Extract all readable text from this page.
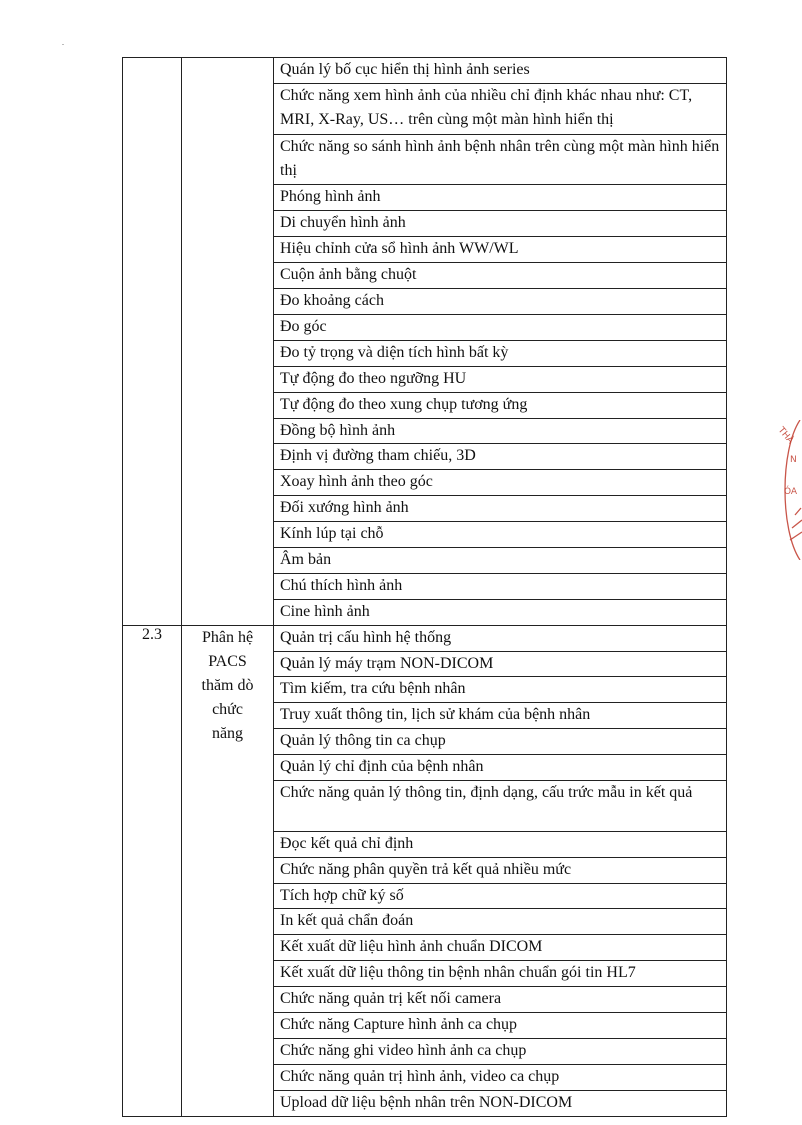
		Quán lý bố cục hiển thị hình ảnh series

		Chức năng xem hình ảnh của nhiều chỉ định khác nhau như: CT, MRI, X-Ray, US… trên cùng một màn hình hiển thị

		Chức năng so sánh hình ảnh bệnh nhân trên cùng một màn hình hiển thị

		Phóng hình ảnh

		Di chuyển hình ảnh

		Hiệu chỉnh cửa sổ hình ảnh WW/WL

		Cuộn ảnh bằng chuột

		Đo khoảng cách

		Đo góc

		Đo tỷ trọng và diện tích hình bất kỳ

		Tự động đo theo ngưỡng HU

		Tự động đo theo xung chụp tương ứng

		Đồng bộ hình ảnh

		Định vị đường tham chiếu, 3D

		Xoay hình ảnh theo góc

		Đối xướng hình ảnh

		Kính lúp tại chỗ

		Âm bản

		Chú thích hình ảnh

		Cine hình ảnh

2.3	Phân hệ
PACS
thăm dò
chức
năng	Quản trị cấu hình hệ thống

		Quản lý máy trạm NON-DICOM

		Tìm kiếm, tra cứu bệnh nhân

		Truy xuất thông tin, lịch sử khám của bệnh nhân

		Quản lý thông tin ca chụp

		Quản lý chỉ định của bệnh nhân

		Chức năng quản lý thông tin, định dạng, cấu trức mẫu in kết quả

		Đọc kết quả chỉ định

		Chức năng phân quyền trả kết quả nhiều mức

		Tích hợp chữ ký số

		In kết quả chẩn đoán

		Kết xuất dữ liệu hình ảnh chuẩn DICOM

		Kết xuất dữ liệu thông tin bệnh nhân chuẩn gói tin HL7

		Chức năng quản trị kết nối camera

		Chức năng Capture hình ảnh ca chụp

		Chức năng ghi video hình ảnh ca chụp

		Chức năng quản trị hình ảnh, video ca chụp

		Upload dữ liệu bệnh nhân trên NON-DICOM
THÀ
N
ÓA
